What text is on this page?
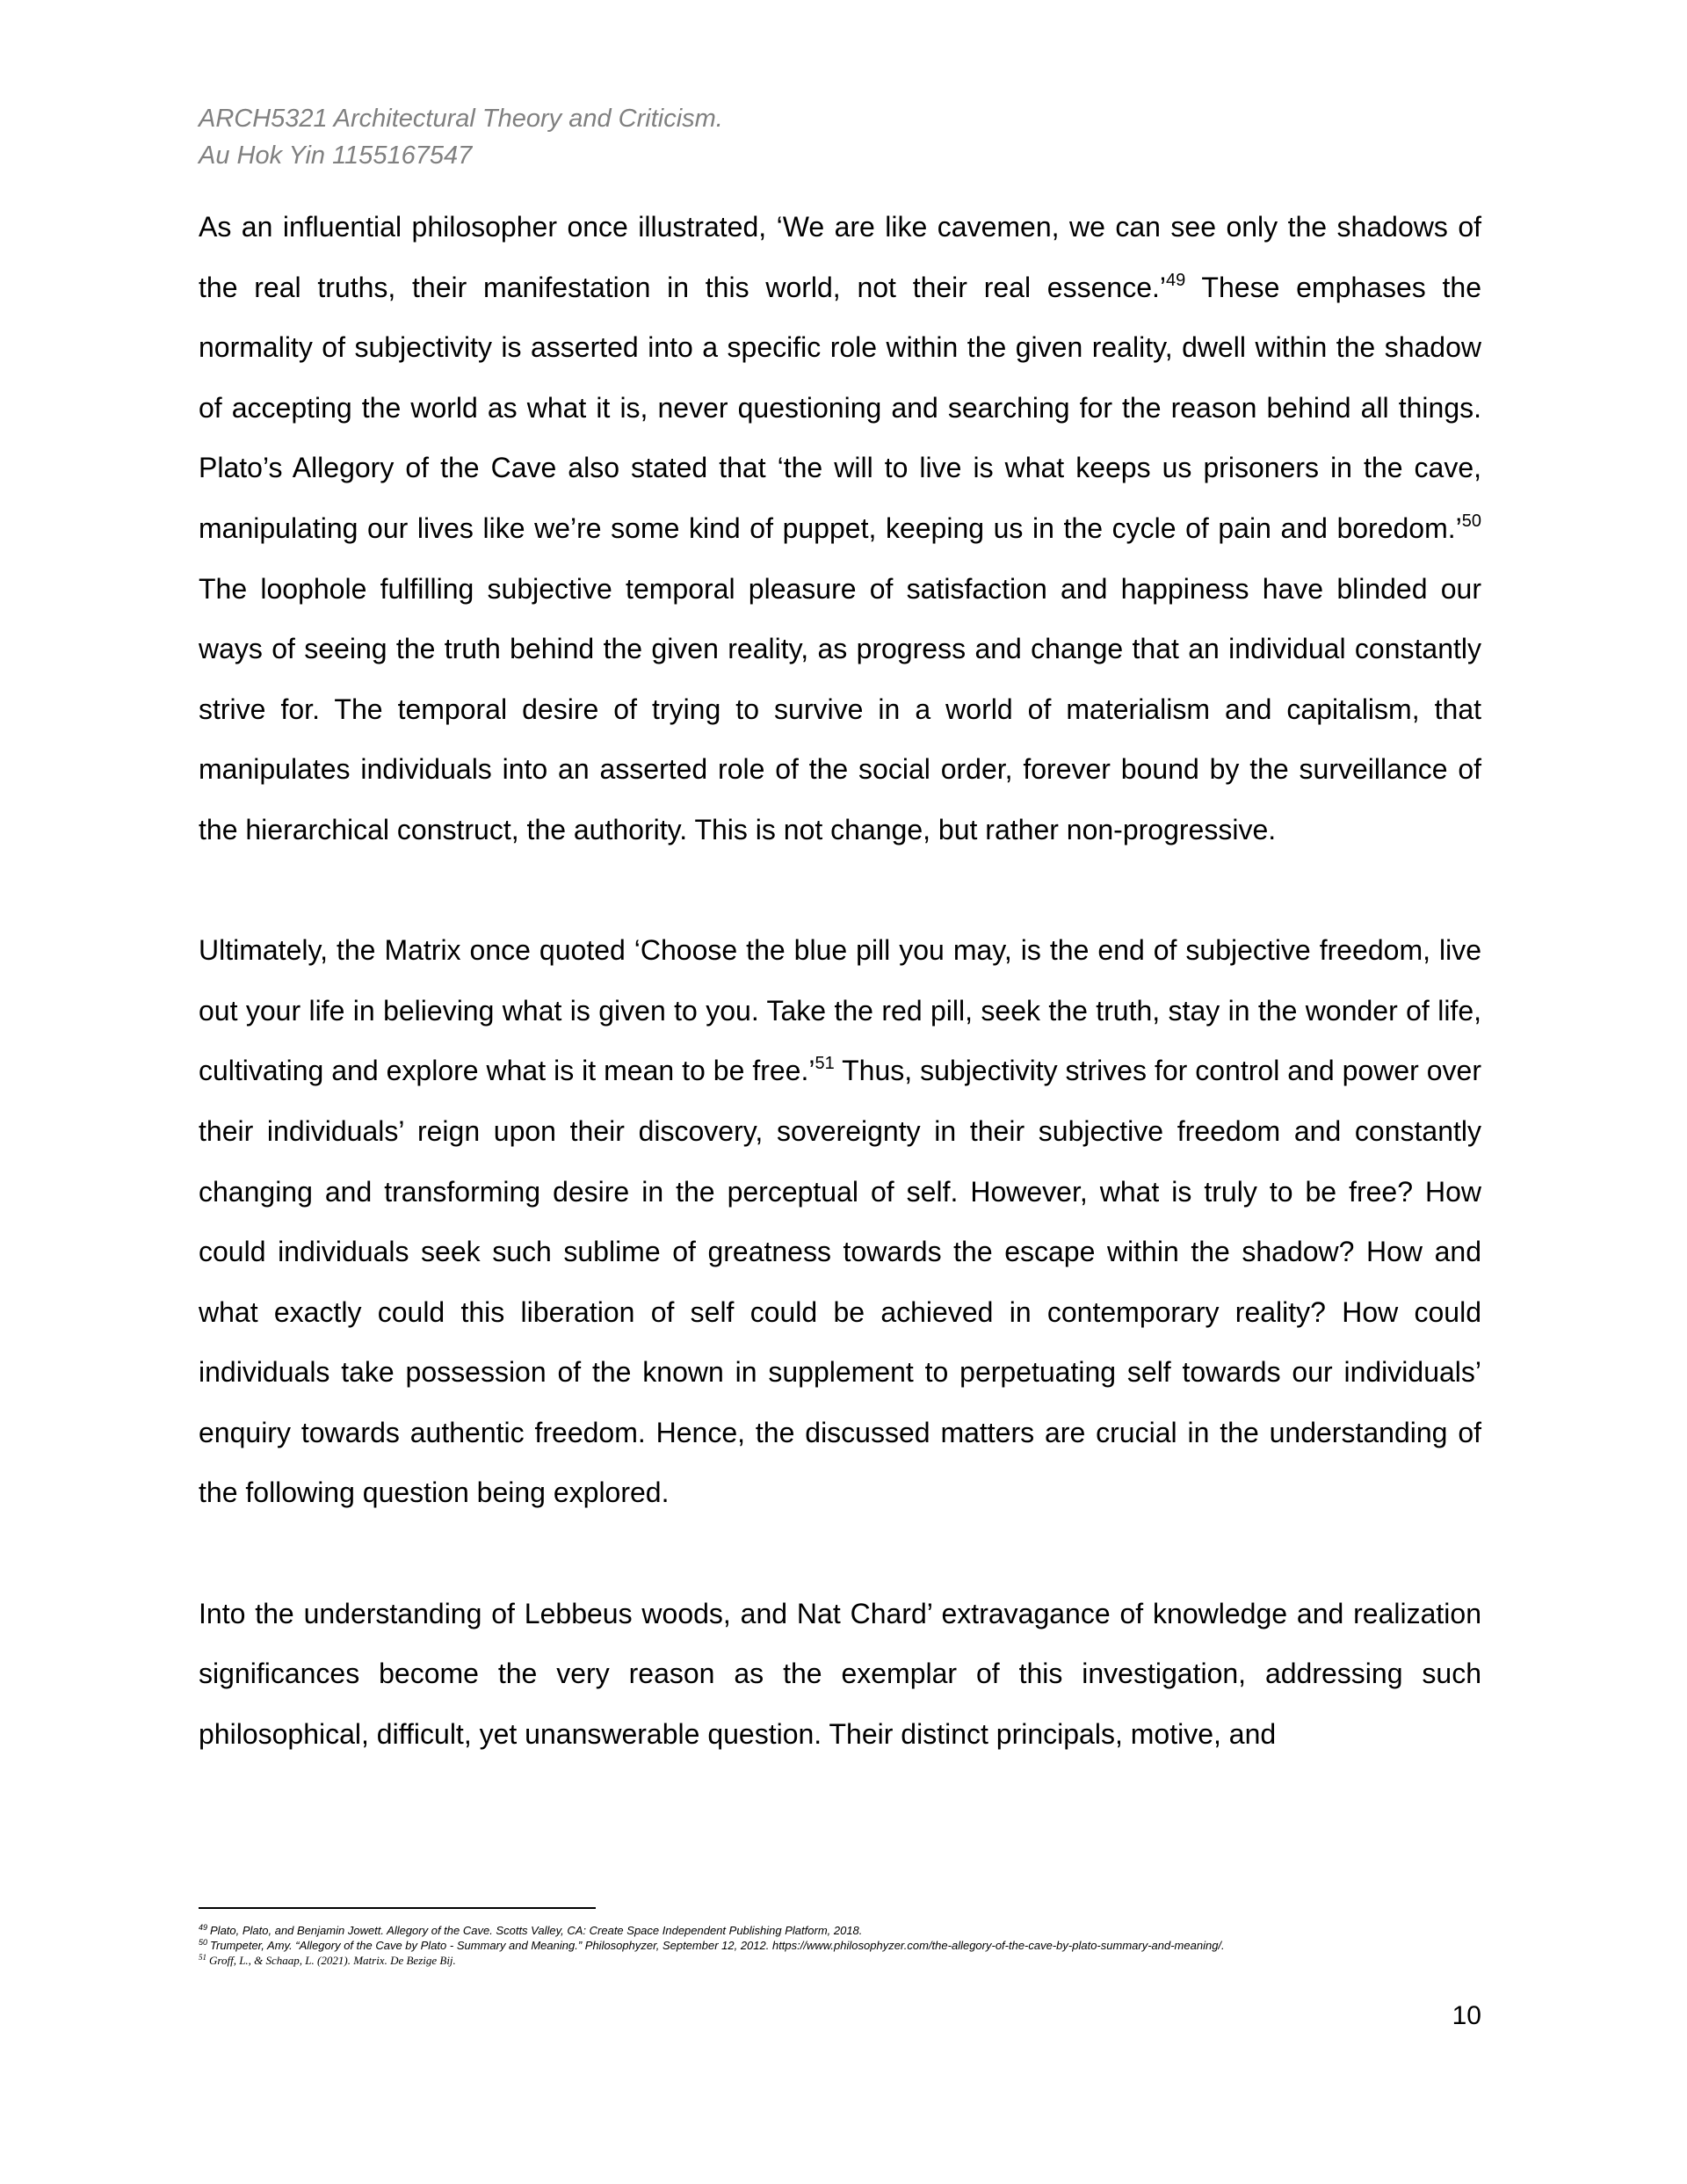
ARCH5321 Architectural Theory and Criticism.
Au Hok Yin 1155167547

As an influential philosopher once illustrated, ‘We are like cavemen, we can see only the shadows of the real truths, their manifestation in this world, not their real essence.’$^{49}$ These emphases the normality of subjectivity is asserted into a specific role within the given reality, dwell within the shadow of accepting the world as what it is, never questioning and searching for the reason behind all things. Plato’s Allegory of the Cave also stated that ‘the will to live is what keeps us prisoners in the cave, manipulating our lives like we’re some kind of puppet, keeping us in the cycle of pain and boredom.’$^{50}$ The loophole fulfilling subjective temporal pleasure of satisfaction and happiness have blinded our ways of seeing the truth behind the given reality, as progress and change that an individual constantly strive for. The temporal desire of trying to survive in a world of materialism and capitalism, that manipulates individuals into an asserted role of the social order, forever bound by the surveillance of the hierarchical construct, the authority. This is not change, but rather non-progressive.

Ultimately, the Matrix once quoted ‘Choose the blue pill you may, is the end of subjective freedom, live out your life in believing what is given to you. Take the red pill, seek the truth, stay in the wonder of life, cultivating and explore what is it mean to be free.’$^{51}$ Thus, subjectivity strives for control and power over their individuals’ reign upon their discovery, sovereignty in their subjective freedom and constantly changing and transforming desire in the perceptual of self. However, what is truly to be free? How could individuals seek such sublime of greatness towards the escape within the shadow? How and what exactly could this liberation of self could be achieved in contemporary reality? How could individuals take possession of the known in supplement to perpetuating self towards our individuals’ enquiry towards authentic freedom. Hence, the discussed matters are crucial in the understanding of the following question being explored.

Into the understanding of Lebbeus woods, and Nat Chard’ extravagance of knowledge and realization significances become the very reason as the exemplar of this investigation, addressing such philosophical, difficult, yet unanswerable question. Their distinct principals, motive, and

$^{49}$ Plato, Plato, and Benjamin Jowett. Allegory of the Cave. Scotts Valley, CA: Create Space Independent Publishing Platform, 2018.
$^{50}$ Trumpeter, Amy. “Allegory of the Cave by Plato - Summary and Meaning.” Philosophyzer, September 12, 2012. https://www.philosophyzer.com/the-allegory-of-the-cave-by-plato-summary-and-meaning/.
$^{51}$ Groff, L., & Schaap, L. (2021). Matrix. De Bezige Bij.
10
